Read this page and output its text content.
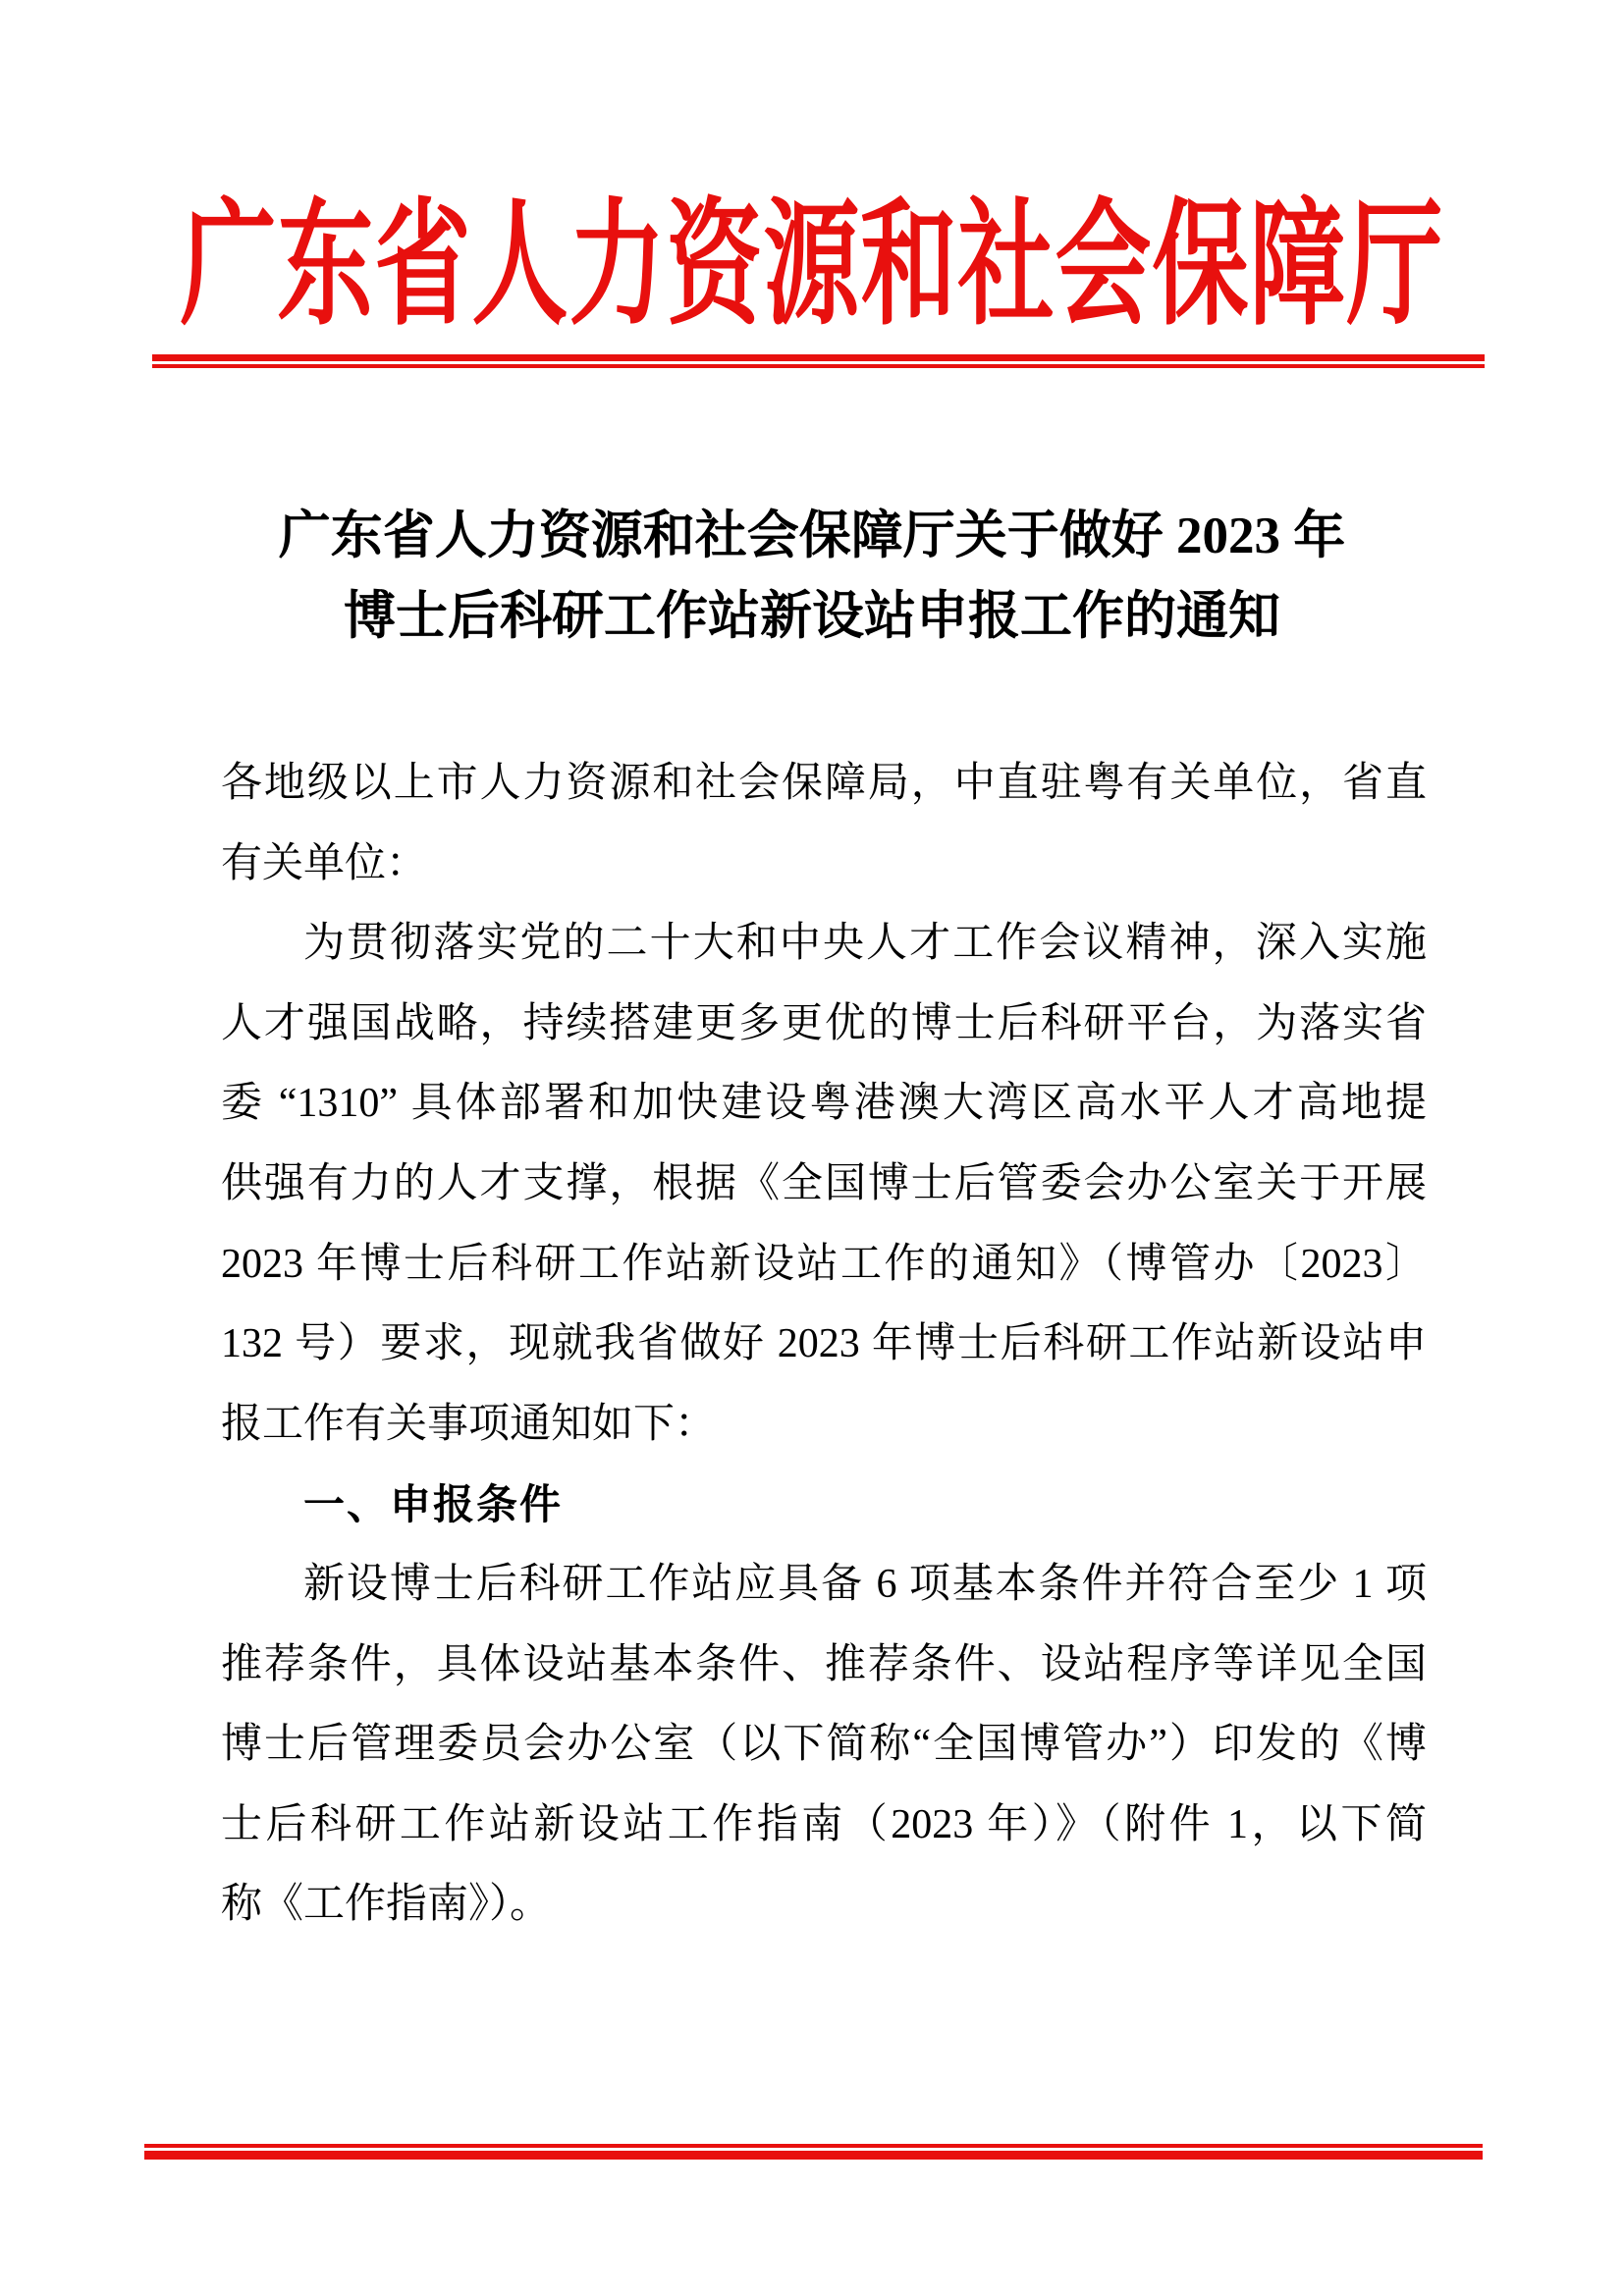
广东省人力资源和社会保障厅
广东省人力资源和社会保障厅关于做好 2023 年
博士后科研工作站新设站申报工作的通知
各地级以上市人力资源和社会保障局，中直驻粤有关单位，省直
有关单位：
为贯彻落实党的二十大和中央人才工作会议精神，深入实施
人才强国战略，持续搭建更多更优的博士后科研平台，为落实省
委 “1310” 具体部署和加快建设粤港澳大湾区高水平人才高地提
供强有力的人才支撑，根据《全国博士后管委会办公室关于开展
2023 年博士后科研工作站新设站工作的通知》（博管办〔2023〕
132 号）要求，现就我省做好 2023 年博士后科研工作站新设站申
报工作有关事项通知如下：
一、申报条件
新设博士后科研工作站应具备 6 项基本条件并符合至少 1 项
推荐条件，具体设站基本条件、推荐条件、设站程序等详见全国
博士后管理委员会办公室（以下简称“全国博管办”）印发的《博
士后科研工作站新设站工作指南（2023 年）》（附件 1，以下简
称《工作指南》）。
